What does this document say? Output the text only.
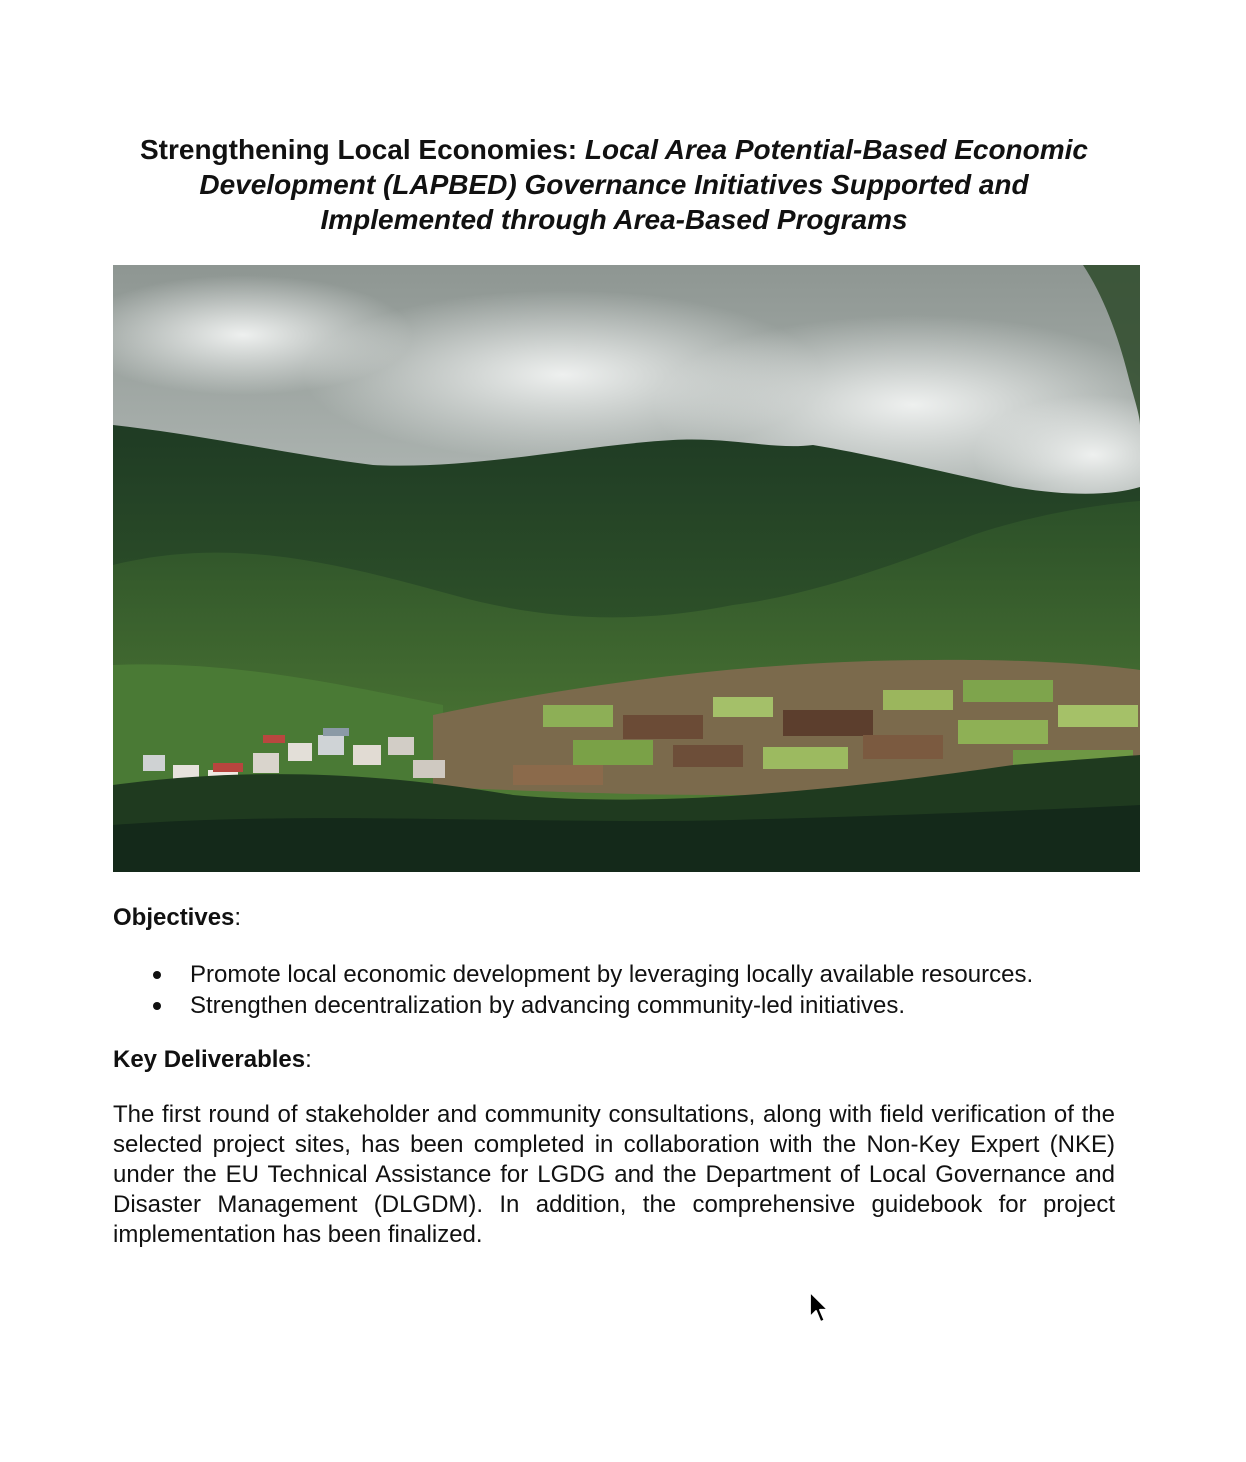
Strengthening Local Economies: Local Area Potential-Based Economic Development (LAPBED) Governance Initiatives Supported and Implemented through Area-Based Programs
Objectives:
Promote local economic development by leveraging locally available resources.
Strengthen decentralization by advancing community-led initiatives.
Key Deliverables:

The first round of stakeholder and community consultations, along with field verification of the selected project sites, has been completed in collaboration with the Non-Key Expert (NKE) under the EU Technical Assistance for LGDG and the Department of Local Governance and Disaster Management (DLGDM). In addition, the comprehensive guidebook for project implementation has been finalized.
